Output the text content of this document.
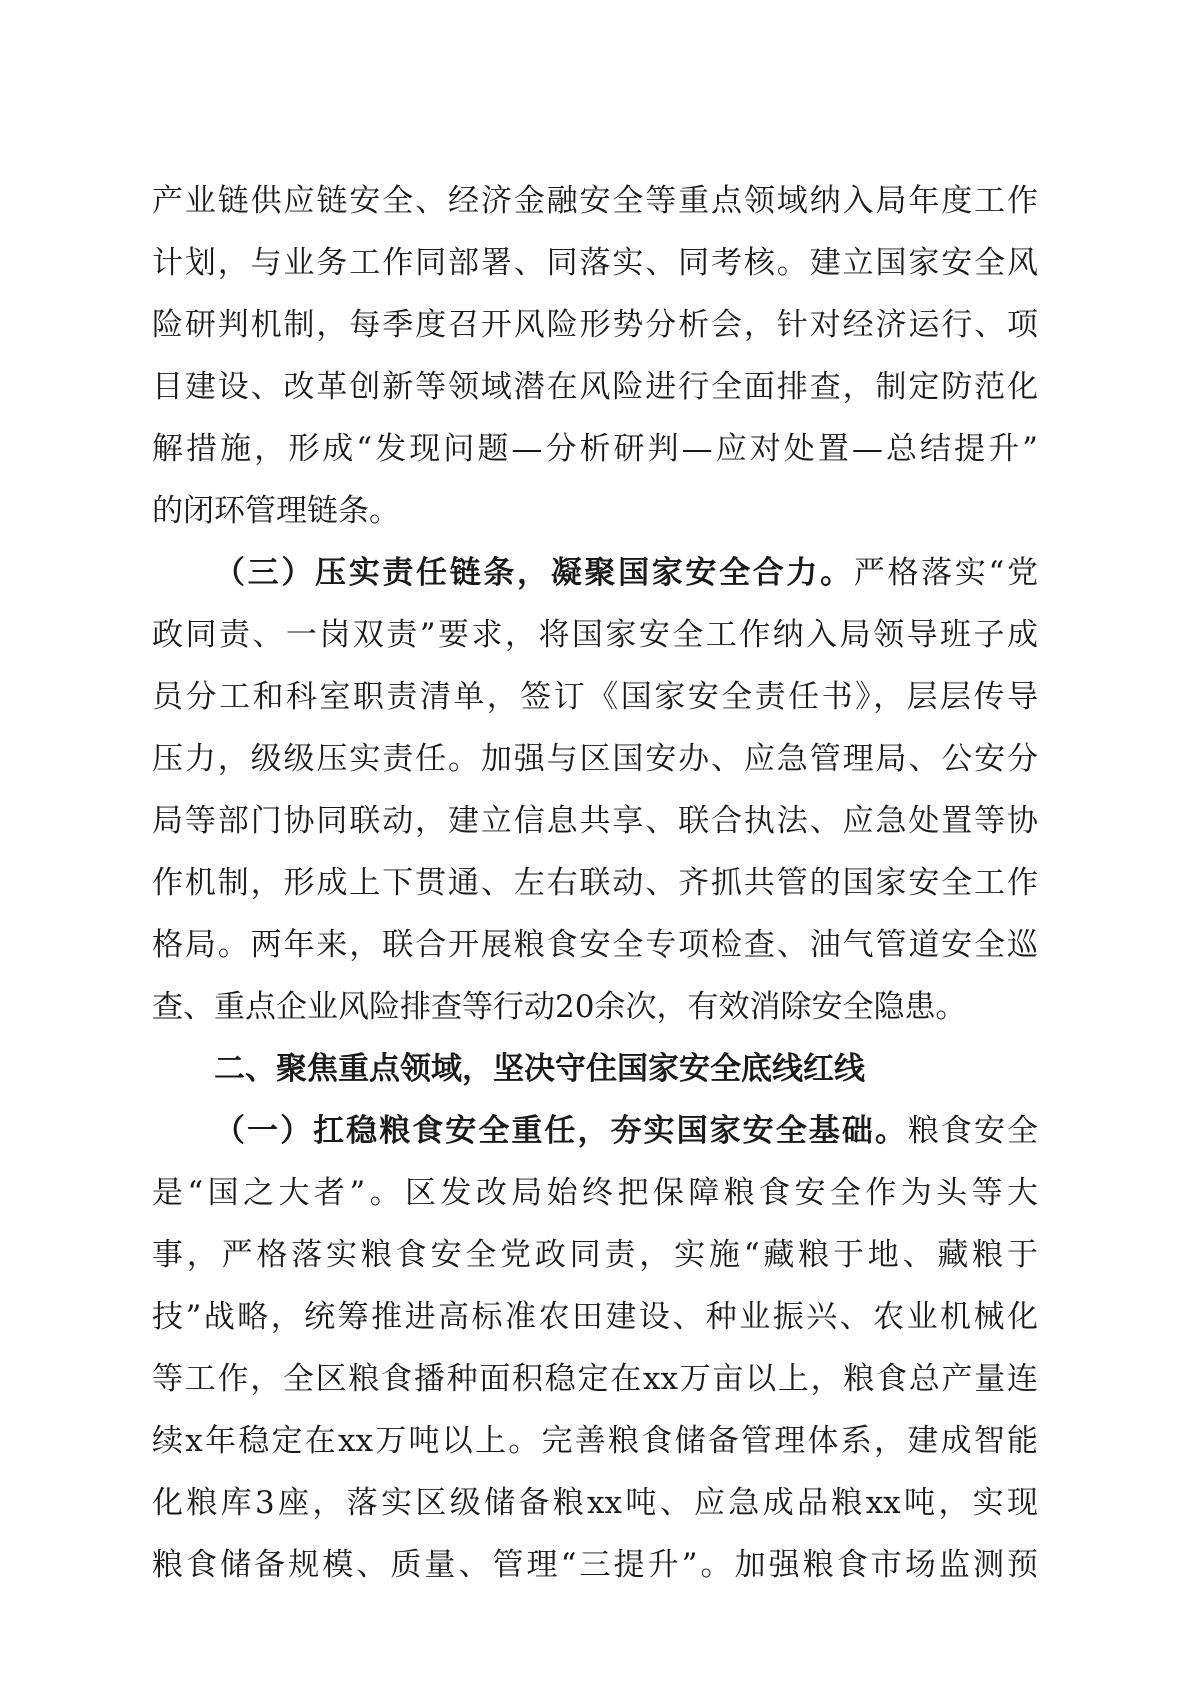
产业链供应链安全、经济金融安全等重点领域纳入局年度工作
计划，与业务工作同部署、同落实、同考核。建立国家安全风
险研判机制，每季度召开风险形势分析会，针对经济运行、项
目建设、改革创新等领域潜在风险进行全面排查，制定防范化
解措施，形成“发现问题—分析研判—应对处置—总结提升”
的闭环管理链条。
（三）压实责任链条，凝聚国家安全合力。严格落实“党
政同责、一岗双责”要求，将国家安全工作纳入局领导班子成
员分工和科室职责清单，签订《国家安全责任书》，层层传导
压力，级级压实责任。加强与区国安办、应急管理局、公安分
局等部门协同联动，建立信息共享、联合执法、应急处置等协
作机制，形成上下贯通、左右联动、齐抓共管的国家安全工作
格局。两年来，联合开展粮食安全专项检查、油气管道安全巡
查、重点企业风险排查等行动20余次，有效消除安全隐患。
二、聚焦重点领域，坚决守住国家安全底线红线
（一）扛稳粮食安全重任，夯实国家安全基础。粮食安全
是“国之大者”。区发改局始终把保障粮食安全作为头等大
事，严格落实粮食安全党政同责，实施“藏粮于地、藏粮于
技”战略，统筹推进高标准农田建设、种业振兴、农业机械化
等工作，全区粮食播种面积稳定在xx万亩以上，粮食总产量连
续x年稳定在xx万吨以上。完善粮食储备管理体系，建成智能
化粮库3座，落实区级储备粮xx吨、应急成品粮xx吨，实现
粮食储备规模、质量、管理“三提升”。加强粮食市场监测预
